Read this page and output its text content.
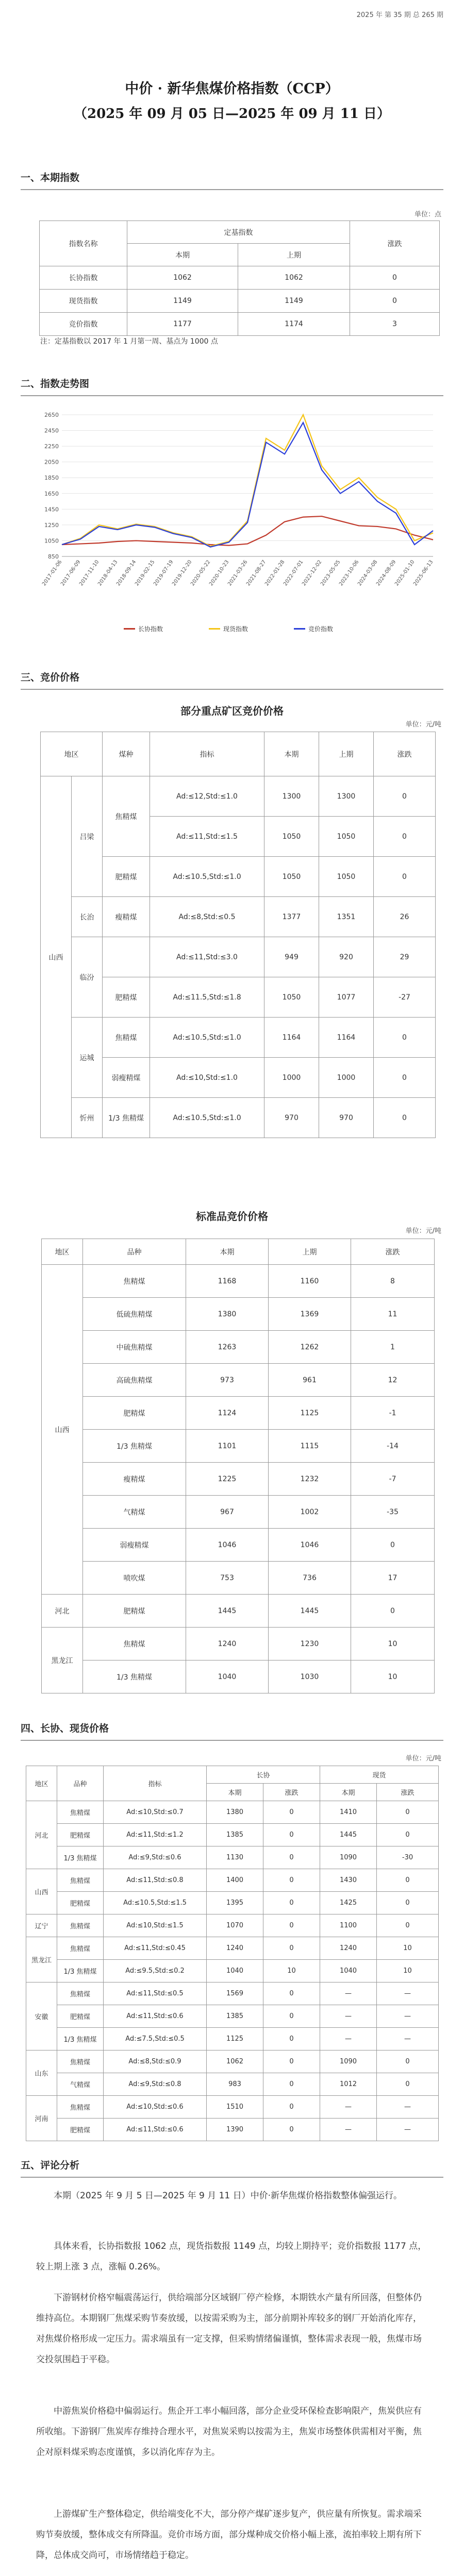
2025 年 第 35 期 总 265 期
中价 · 新华焦煤价格指数（CCP）
（2025 年 09 月 05 日—2025 年 09 月 11 日）
一、本期指数
单位：点
指数名称	定基指数		涨跌
	本期	上期	
长协指数	1062	1062	0
现货指数	1149	1149	0
竞价指数	1177	1174	3
注：定基指数以 2017 年 1 月第一周、基点为 1000 点
二、指数走势图
2650
2450
2250
2050
1850
1650
1450
1250
1050
850
2017-01-06
2017-06-09
2017-11-10
2018-04-13
2018-09-14
2019-02-15
2019-07-19
2019-12-20
2020-05-22
2020-10-23
2021-03-26
2021-08-27
2022-01-28
2022-07-01
2022-12-02
2023-05-05
2023-10-06
2024-03-08
2024-08-09
2025-01-10
2025-06-13
长协指数	现货指数	竞价指数
三、竞价价格
部分重点矿区竞价价格
单位：元/吨
地区		煤种	指标	本期	上期	涨跌
山西	吕梁	焦精煤	Ad:≤12,Std:≤1.0	1300	1300	0
			Ad:≤11,Std:≤1.5	1050	1050	0
		肥精煤	Ad:≤10.5,Std:≤1.0	1050	1050	0
	长治	瘦精煤	Ad:≤8,Std:≤0.5	1377	1351	26
	临汾		Ad:≤11,Std:≤3.0	949	920	29
		肥精煤	Ad:≤11.5,Std:≤1.8	1050	1077	-27
	运城	焦精煤	Ad:≤10.5,Std:≤1.0	1164	1164	0
		弱瘦精煤	Ad:≤10,Std:≤1.0	1000	1000	0
	忻州	1/3 焦精煤	Ad:≤10.5,Std:≤1.0	970	970	0
标准品竞价价格
单位：元/吨
地区	品种	本期	上期	涨跌
山西	焦精煤	1168	1160	8
	低硫焦精煤	1380	1369	11
	中硫焦精煤	1263	1262	1
	高硫焦精煤	973	961	12
	肥精煤	1124	1125	-1
	1/3 焦精煤	1101	1115	-14
	瘦精煤	1225	1232	-7
	气精煤	967	1002	-35
	弱瘦精煤	1046	1046	0
	喷吹煤	753	736	17
河北	肥精煤	1445	1445	0
黑龙江	焦精煤	1240	1230	10
	1/3 焦精煤	1040	1030	10
四、长协、现货价格
单位：元/吨
地区	品种	指标	长协		现货	
			本期	涨跌	本期	涨跌
河北	焦精煤	Ad:≤10,Std:≤0.7	1380	0	1410	0
	肥精煤	Ad:≤11,Std:≤1.2	1385	0	1445	0
	1/3 焦精煤	Ad:≤9,Std:≤0.6	1130	0	1090	-30
山西	焦精煤	Ad:≤11,Std:≤0.8	1400	0	1430	0
	肥精煤	Ad:≤10.5,Std:≤1.5	1395	0	1425	0
辽宁	焦精煤	Ad:≤10,Std:≤1.5	1070	0	1100	0
黑龙江	焦精煤	Ad:≤11,Std:≤0.45	1240	0	1240	10
	1/3 焦精煤	Ad:≤9.5,Std:≤0.2	1040	10	1040	10
安徽	焦精煤	Ad:≤11,Std:≤0.5	1569	0	—	—
	肥精煤	Ad:≤11,Std:≤0.6	1385	0	—	—
	1/3 焦精煤	Ad:≤7.5,Std:≤0.5	1125	0	—	—
山东	焦精煤	Ad:≤8,Std:≤0.9	1062	0	1090	0
	气精煤	Ad:≤9,Std:≤0.8	983	0	1012	0
河南	焦精煤	Ad:≤10,Std:≤0.6	1510	0	—	—
	肥精煤	Ad:≤11,Std:≤0.6	1390	0	—	—
五、评论分析

本期（2025 年 9 月 5 日—2025 年 9 月 11 日）中价·新华焦煤价格指数整体偏强运行。

具体来看，长协指数报 1062 点，现货指数报 1149 点，均较上期持平；竞价指数报 1177 点，较上期上涨 3 点，涨幅 0.26%。

下游钢材价格窄幅震荡运行，供给端部分区域钢厂停产检修，本期铁水产量有所回落，但整体仍维持高位。本期钢厂焦煤采购节奏放缓，以按需采购为主，部分前期补库较多的钢厂开始消化库存，对焦煤价格形成一定压力。需求端虽有一定支撑，但采购情绪偏谨慎，整体需求表现一般，焦煤市场交投氛围趋于平稳。

中游焦炭价格稳中偏弱运行。焦企开工率小幅回落，部分企业受环保检查影响限产，焦炭供应有所收缩。下游钢厂焦炭库存维持合理水平，对焦炭采购以按需为主，焦炭市场整体供需相对平衡，焦企对原料煤采购态度谨慎，多以消化库存为主。

上游煤矿生产整体稳定，供给端变化不大，部分停产煤矿逐步复产，供应量有所恢复。需求端采购节奏放缓，整体成交有所降温。竞价市场方面，部分煤种成交价格小幅上涨，流拍率较上期有所下降，总体成交尚可，市场情绪趋于稳定。
